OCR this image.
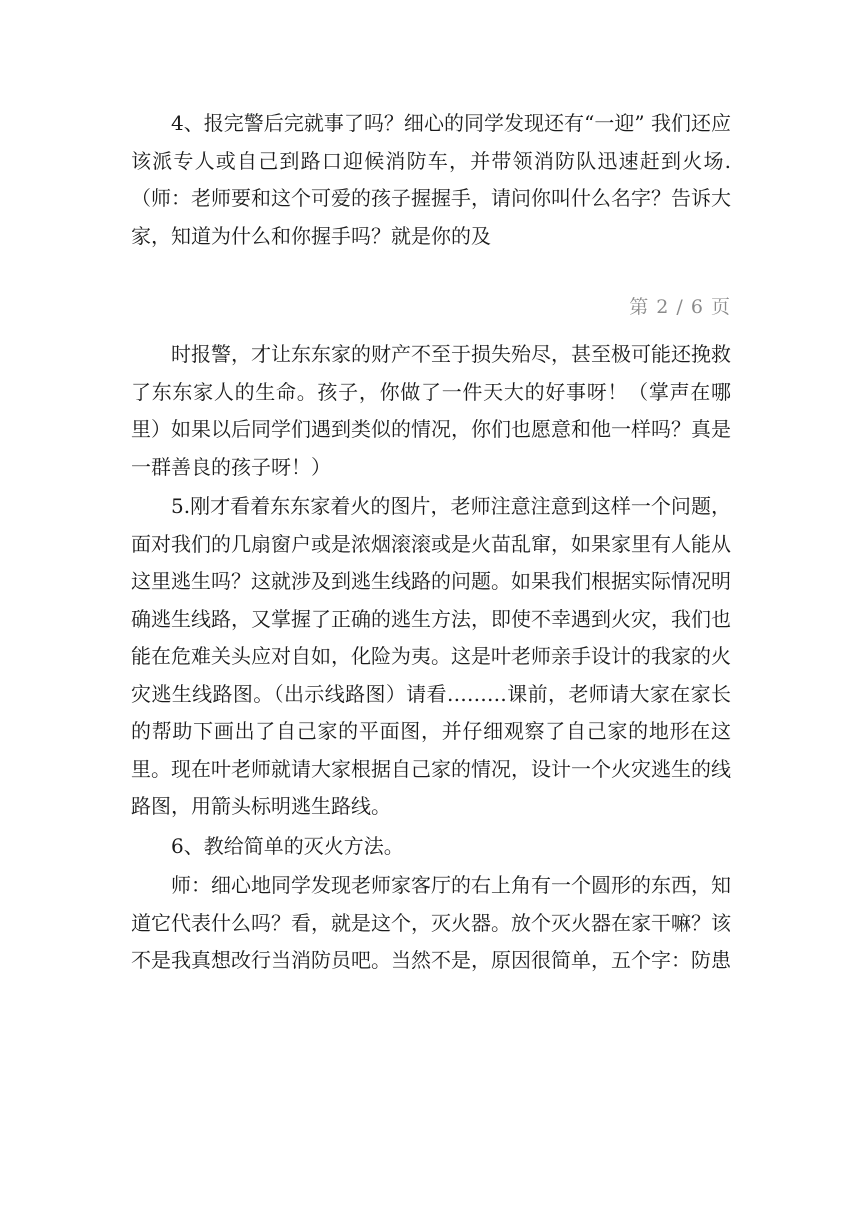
4、报完警后完就事了吗？细心的同学发现还有“一迎” 我们还应该派专人或自己到路口迎候消防车，并带领消防队迅速赶到火场.（师：老师要和这个可爱的孩子握握手，请问你叫什么名字？告诉大家，知道为什么和你握手吗？就是你的及

第 2 / 6 页

时报警，才让东东家的财产不至于损失殆尽，甚至极可能还挽救了东东家人的生命。孩子，你做了一件天大的好事呀！（掌声在哪里）如果以后同学们遇到类似的情况，你们也愿意和他一样吗？真是一群善良的孩子呀！）

5.刚才看着东东家着火的图片，老师注意注意到这样一个问题，面对我们的几扇窗户或是浓烟滚滚或是火苗乱窜，如果家里有人能从这里逃生吗？这就涉及到逃生线路的问题。如果我们根据实际情况明确逃生线路，又掌握了正确的逃生方法，即使不幸遇到火灾，我们也能在危难关头应对自如，化险为夷。这是叶老师亲手设计的我家的火灾逃生线路图。（出示线路图）请看………课前，老师请大家在家长的帮助下画出了自己家的平面图，并仔细观察了自己家的地形在这里。现在叶老师就请大家根据自己家的情况，设计一个火灾逃生的线路图，用箭头标明逃生路线。

6、教给简单的灭火方法。

师：细心地同学发现老师家客厅的右上角有一个圆形的东西，知道它代表什么吗？看，就是这个，灭火器。放个灭火器在家干嘛？该不是我真想改行当消防员吧。当然不是，原因很简单，五个字：防患
